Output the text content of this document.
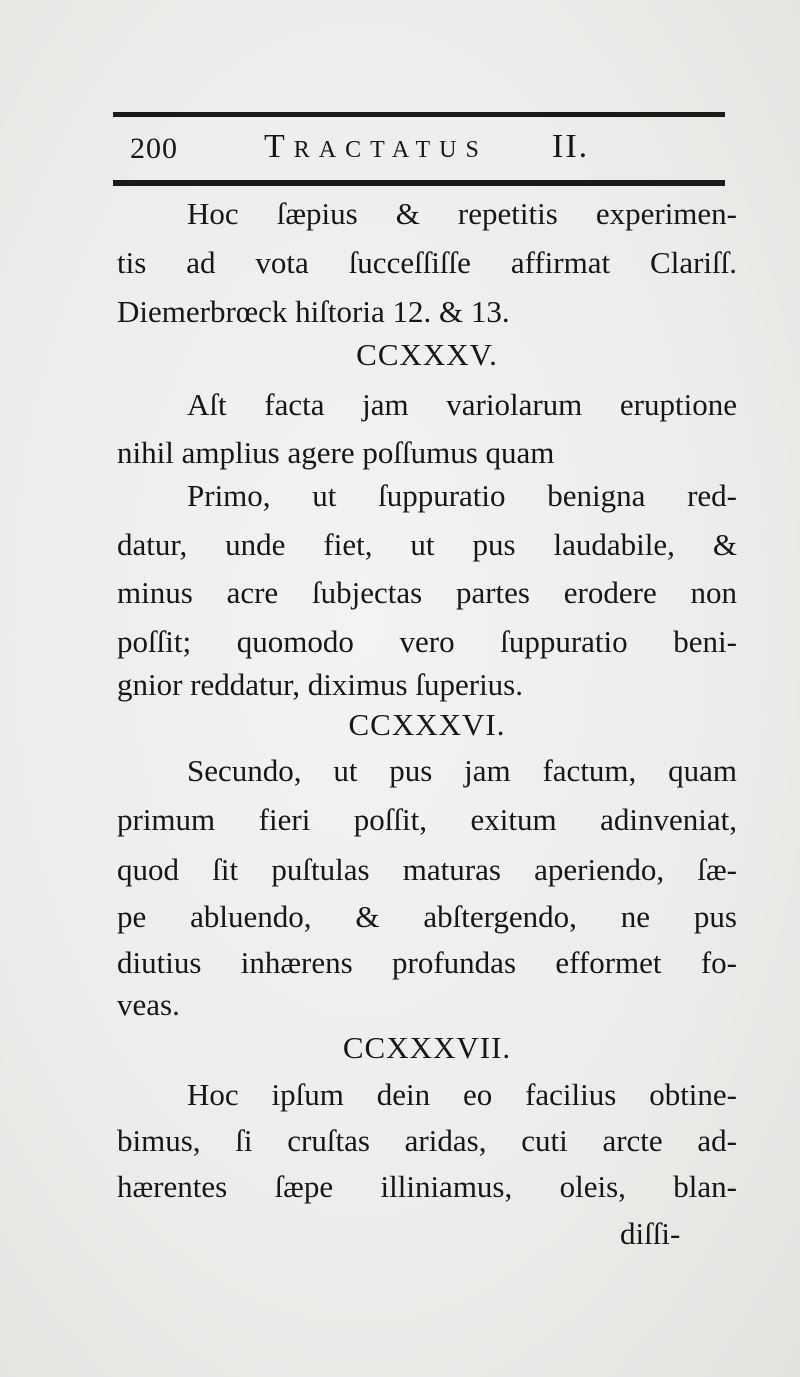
200	Tractatus II.
Hoc ſæpius & repetitis experimen-
tis ad vota ſucceſſiſſe affirmat Clariſſ.
Diemerbrœck hiſtoria 12. & 13.
CCXXXV.
Aſt facta jam variolarum eruptione
nihil amplius agere poſſumus quam
Primo, ut ſuppuratio benigna red-
datur, unde fiet, ut pus laudabile, &
minus acre ſubjectas partes erodere non
poſſit; quomodo vero ſuppuratio beni-
gnior reddatur, diximus ſuperius.
CCXXXVI.
Secundo, ut pus jam factum, quam
primum fieri poſſit, exitum adinveniat,
quod ſit puſtulas maturas aperiendo, ſæ-
pe abluendo, & abſtergendo, ne pus
diutius inhærens profundas efformet fo-
veas.
CCXXXVII.
Hoc ipſum dein eo facilius obtine-
bimus, ſi cruſtas aridas, cuti arcte ad-
hærentes ſæpe illiniamus, oleis, blan-
diſſi-
